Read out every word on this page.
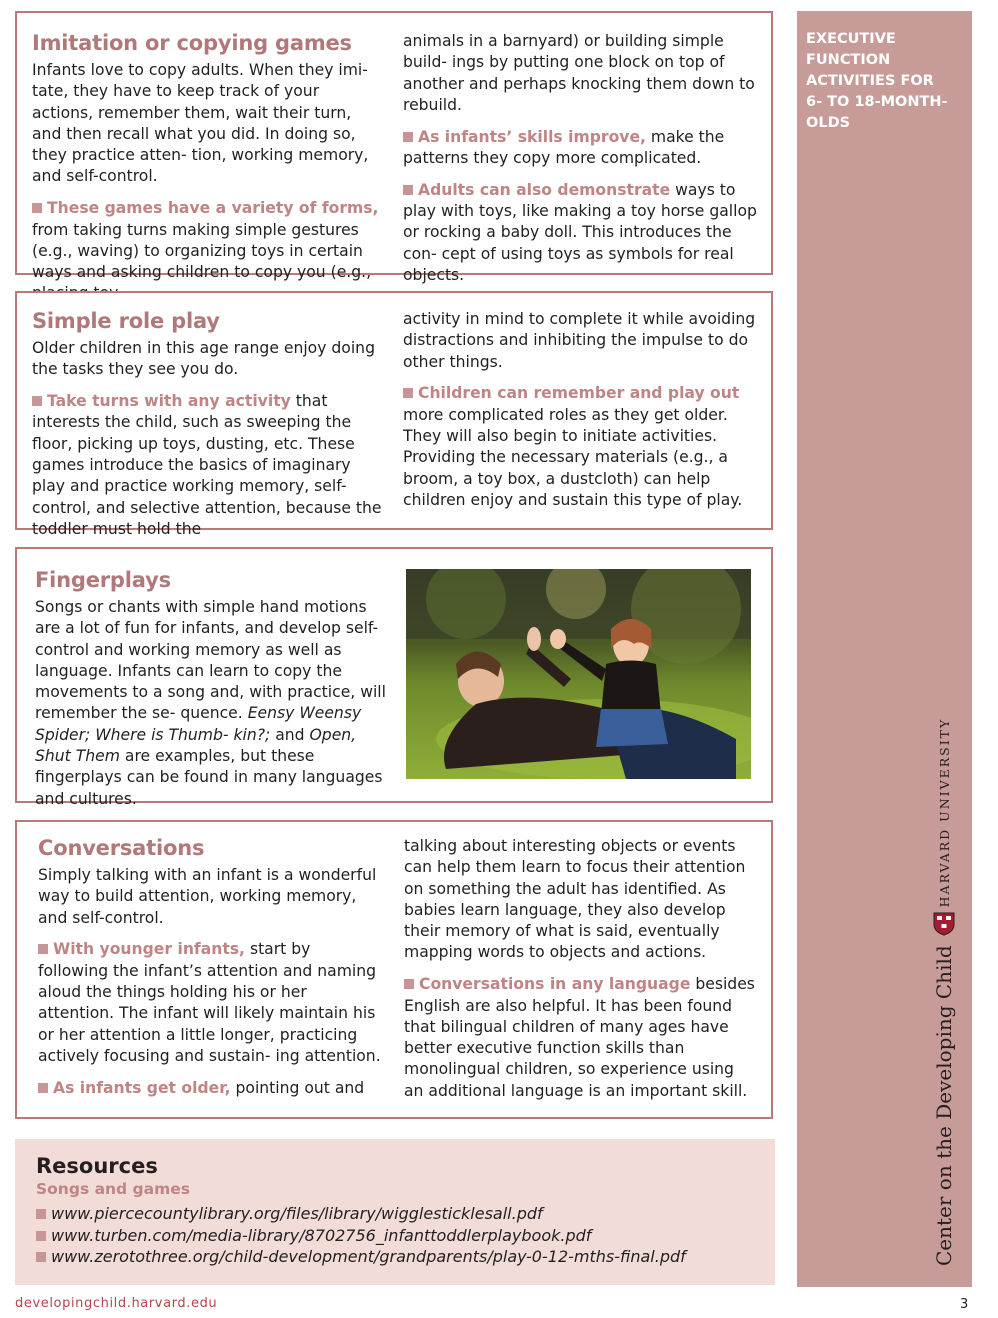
Imitation or copying games

Infants love to copy adults. When they imi- tate, they have to keep track of your actions, remember them, wait their turn, and then recall what you did. In doing so, they practice atten- tion, working memory, and self-control.

These games have a variety of forms, from taking turns making simple gestures (e.g., waving) to organizing toys in certain ways and asking children to copy you (e.g.,

animals in a barnyard) or building simple build- ings by putting one block on top of another and perhaps knocking them down to rebuild.

As infants’ skills improve, make the patterns they copy more complicated.

Adults can also demonstrate ways to play with toys, like making a toy horse gallop or rocking a baby doll. This introduces the con- cept of using toys as symbols for real objects.

Simple role play

Older children in this age range enjoy doing the tasks they see you do.

Take turns with any activity that interests the child, such as sweeping the floor, picking up toys, dusting, etc. These games introduce the basics of imaginary play and practice working memory, self-control, and selective attention, because the toddler must hold the

activity in mind to complete it while avoiding distractions and inhibiting the impulse to do other things.

Children can remember and play out more complicated roles as they get older. They will also begin to initiate activities. Providing the necessary materials (e.g., a broom, a toy box, a dustcloth) can help children enjoy and sustain this type of play.

Fingerplays

Songs or chants with simple hand motions are a lot of fun for infants, and develop self-control and working memory as well as language. Infants can learn to copy the movements to a song and, with practice, will remember the se- quence. Eensy Weensy Spider; Where is Thumb- kin?; and Open, Shut Them are examples, but these fingerplays can be found in many languages and cultures.

Conversations

Simply talking with an infant is a wonderful way to build attention, working memory, and self-control.

With younger infants, start by following the infant’s attention and naming aloud the things holding his or her attention. The infant will likely maintain his or her attention a little longer, practicing actively focusing and sustain- ing attention.

As infants get older, pointing out and

talking about interesting objects or events can help them learn to focus their attention on something the adult has identified. As babies learn language, they also develop their memory of what is said, eventually mapping words to objects and actions.

Conversations in any language besides English are also helpful. It has been found that bilingual children of many ages have better executive function skills than monolingual children, so experience using an additional language is an important skill.

Resources
Songs and games
www.piercecountylibrary.org/files/library/wigglesticklesall.pdf
www.turben.com/media-library/8702756_infanttoddlerplaybook.pdf
www.zerotothree.org/child-development/grandparents/play-0-12-mths-final.pdf
EXECUTIVE FUNCTION
ACTIVITIES FOR
6- TO 18-MONTH-OLDS
Center on the Developing Child
HARVARD UNIVERSITY
developingchild.harvard.edu	3
